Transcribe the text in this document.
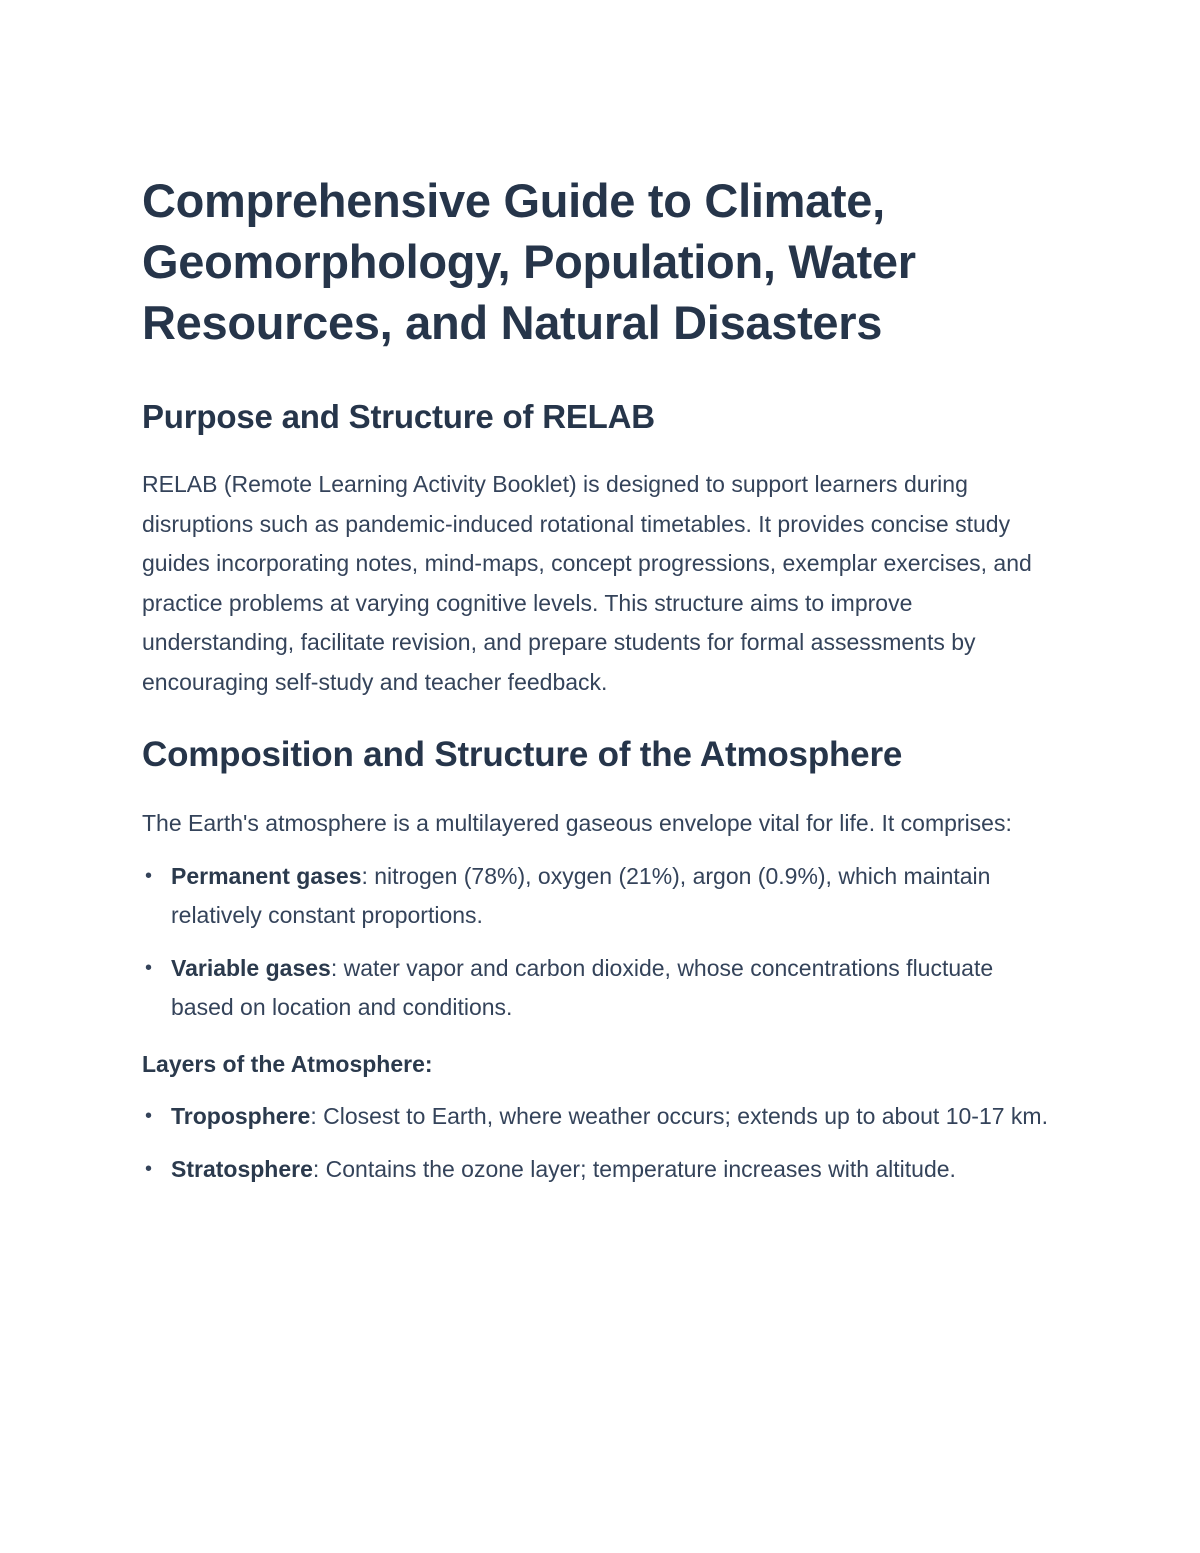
Comprehensive Guide to Climate, Geomorphology, Population, Water Resources, and Natural Disasters
Purpose and Structure of RELAB

RELAB (Remote Learning Activity Booklet) is designed to support learners during disruptions such as pandemic-induced rotational timetables. It provides concise study guides incorporating notes, mind-maps, concept progressions, exemplar exercises, and practice problems at varying cognitive levels. This structure aims to improve understanding, facilitate revision, and prepare students for formal assessments by encouraging self-study and teacher feedback.

Composition and Structure of the Atmosphere

The Earth's atmosphere is a multilayered gaseous envelope vital for life. It comprises:

• Permanent gases: nitrogen (78%), oxygen (21%), argon (0.9%), which maintain relatively constant proportions.
• Variable gases: water vapor and carbon dioxide, whose concentrations fluctuate based on location and conditions.

Layers of the Atmosphere:

• Troposphere: Closest to Earth, where weather occurs; extends up to about 10-17 km.
• Stratosphere: Contains the ozone layer; temperature increases with altitude.
